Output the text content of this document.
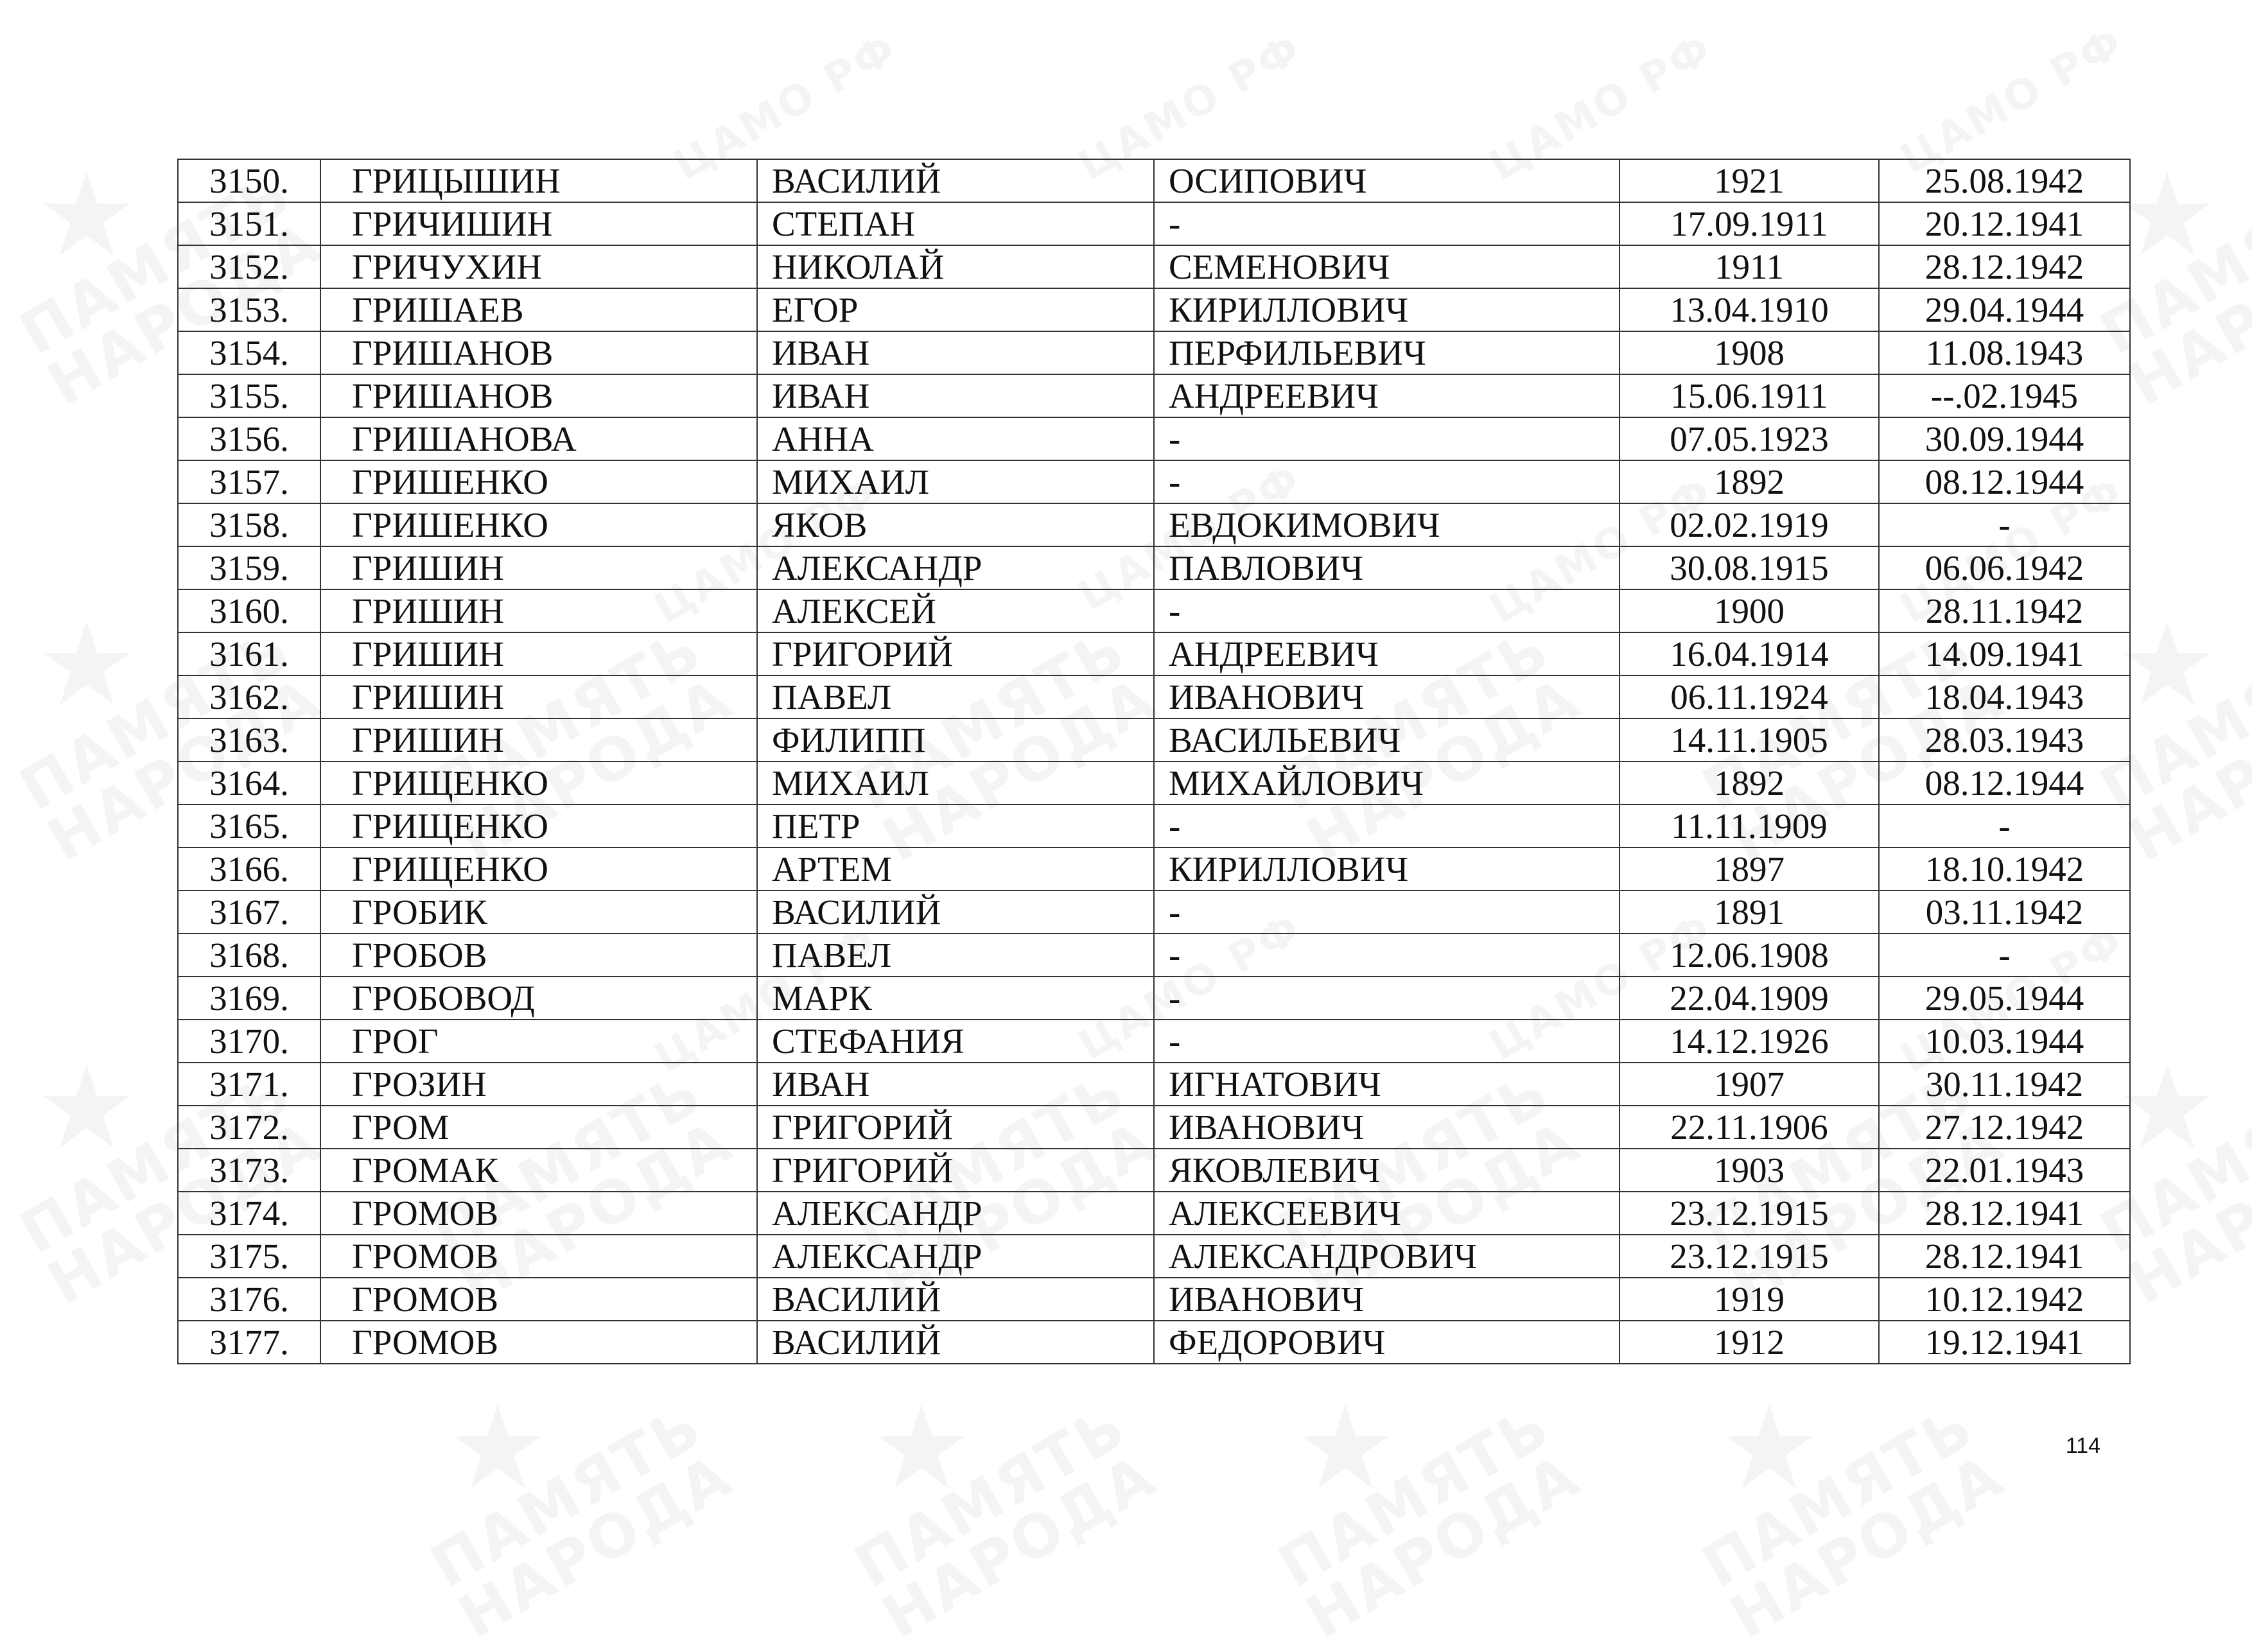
3150.	ГРИЦЫШИН	ВАСИЛИЙ	ОСИПОВИЧ	1921	25.08.1942
3151.	ГРИЧИШИН	СТЕПАН	-	17.09.1911	20.12.1941
3152.	ГРИЧУХИН	НИКОЛАЙ	СЕМЕНОВИЧ	1911	28.12.1942
3153.	ГРИШАЕВ	ЕГОР	КИРИЛЛОВИЧ	13.04.1910	29.04.1944
3154.	ГРИШАНОВ	ИВАН	ПЕРФИЛЬЕВИЧ	1908	11.08.1943
3155.	ГРИШАНОВ	ИВАН	АНДРЕЕВИЧ	15.06.1911	--.02.1945
3156.	ГРИШАНОВА	АННА	-	07.05.1923	30.09.1944
3157.	ГРИШЕНКО	МИХАИЛ	-	1892	08.12.1944
3158.	ГРИШЕНКО	ЯКОВ	ЕВДОКИМОВИЧ	02.02.1919	-
3159.	ГРИШИН	АЛЕКСАНДР	ПАВЛОВИЧ	30.08.1915	06.06.1942
3160.	ГРИШИН	АЛЕКСЕЙ	-	1900	28.11.1942
3161.	ГРИШИН	ГРИГОРИЙ	АНДРЕЕВИЧ	16.04.1914	14.09.1941
3162.	ГРИШИН	ПАВЕЛ	ИВАНОВИЧ	06.11.1924	18.04.1943
3163.	ГРИШИН	ФИЛИПП	ВАСИЛЬЕВИЧ	14.11.1905	28.03.1943
3164.	ГРИЩЕНКО	МИХАИЛ	МИХАЙЛОВИЧ	1892	08.12.1944
3165.	ГРИЩЕНКО	ПЕТР	-	11.11.1909	-
3166.	ГРИЩЕНКО	АРТЕМ	КИРИЛЛОВИЧ	1897	18.10.1942
3167.	ГРОБИК	ВАСИЛИЙ	-	1891	03.11.1942
3168.	ГРОБОВ	ПАВЕЛ	-	12.06.1908	-
3169.	ГРОБОВОД	МАРК	-	22.04.1909	29.05.1944
3170.	ГРОГ	СТЕФАНИЯ	-	14.12.1926	10.03.1944
3171.	ГРОЗИН	ИВАН	ИГНАТОВИЧ	1907	30.11.1942
3172.	ГРОМ	ГРИГОРИЙ	ИВАНОВИЧ	22.11.1906	27.12.1942
3173.	ГРОМАК	ГРИГОРИЙ	ЯКОВЛЕВИЧ	1903	22.01.1943
3174.	ГРОМОВ	АЛЕКСАНДР	АЛЕКСЕЕВИЧ	23.12.1915	28.12.1941
3175.	ГРОМОВ	АЛЕКСАНДР	АЛЕКСАНДРОВИЧ	23.12.1915	28.12.1941
3176.	ГРОМОВ	ВАСИЛИЙ	ИВАНОВИЧ	1919	10.12.1942
3177.	ГРОМОВ	ВАСИЛИЙ	ФЕДОРОВИЧ	1912	19.12.1941
114
